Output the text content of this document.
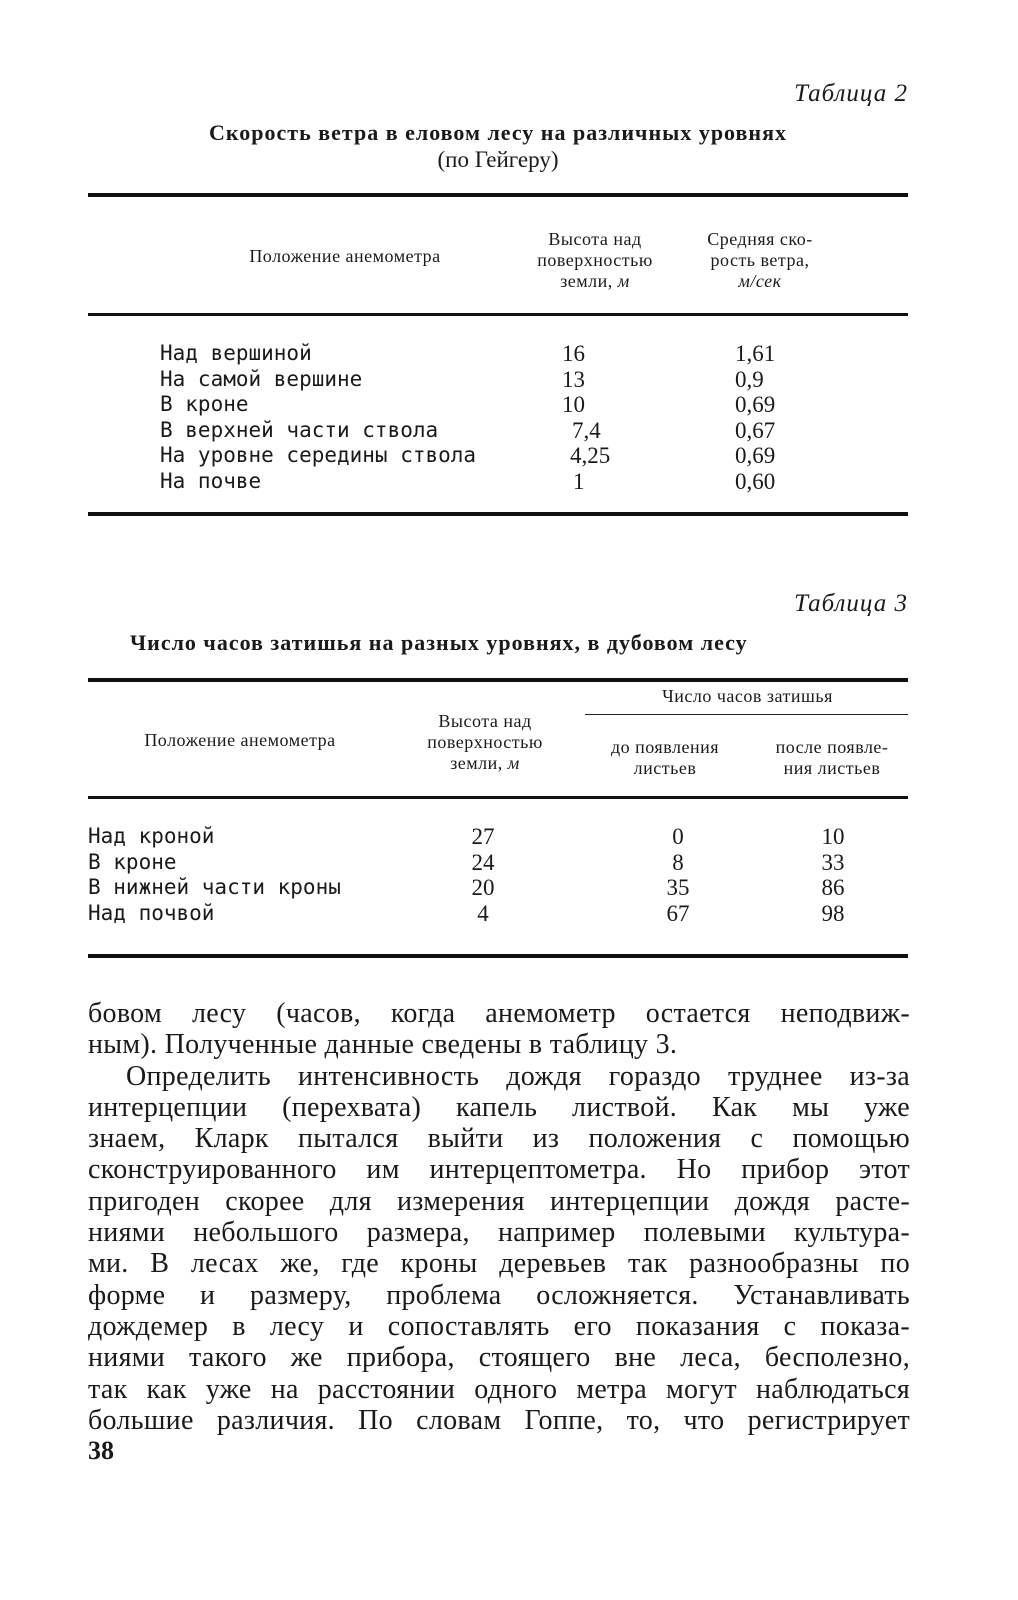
Таблица 2
Скорость ветра в еловом лесу на различных уровнях
(по Гейгеру)
Положение анемометра
Высота над
поверхностью
земли, м
Средняя ско-
рость ветра,
м/сек
Над вершиной
На самой вершине
В кроне
В верхней части ствола
На уровне середины ствола
На почве
16
13
10
7,4
4,25
1
1,61
0,9
0,69
0,67
0,69
0,60
Таблица 3
Число часов затишья на разных уровнях, в дубовом лесу
Положение анемометра
Высота над
поверхностью
земли, м
Число часов затишья
до появления
листьев
после появле-
ния листьев
Над кроной
В кроне
В нижней части кроны
Над почвой
27
24
20
4
0
8
35
67
10
33
86
98
бовом лесу (часов, когда анемометр остается неподвиж-
ным). Полученные данные сведены в таблицу 3.
Определить интенсивность дождя гораздо труднее из-за
интерцепции (перехвата) капель листвой. Как мы уже
знаем, Кларк пытался выйти из положения с помощью
сконструированного им интерцептометра. Но прибор этот
пригоден скорее для измерения интерцепции дождя расте-
ниями небольшого размера, например полевыми культура-
ми. В лесах же, где кроны деревьев так разнообразны по
форме и размеру, проблема осложняется. Устанавливать
дождемер в лесу и сопоставлять его показания с показа-
ниями такого же прибора, стоящего вне леса, бесполезно,
так как уже на расстоянии одного метра могут наблюдаться
большие различия. По словам Гоппе, то, что регистрирует
38
